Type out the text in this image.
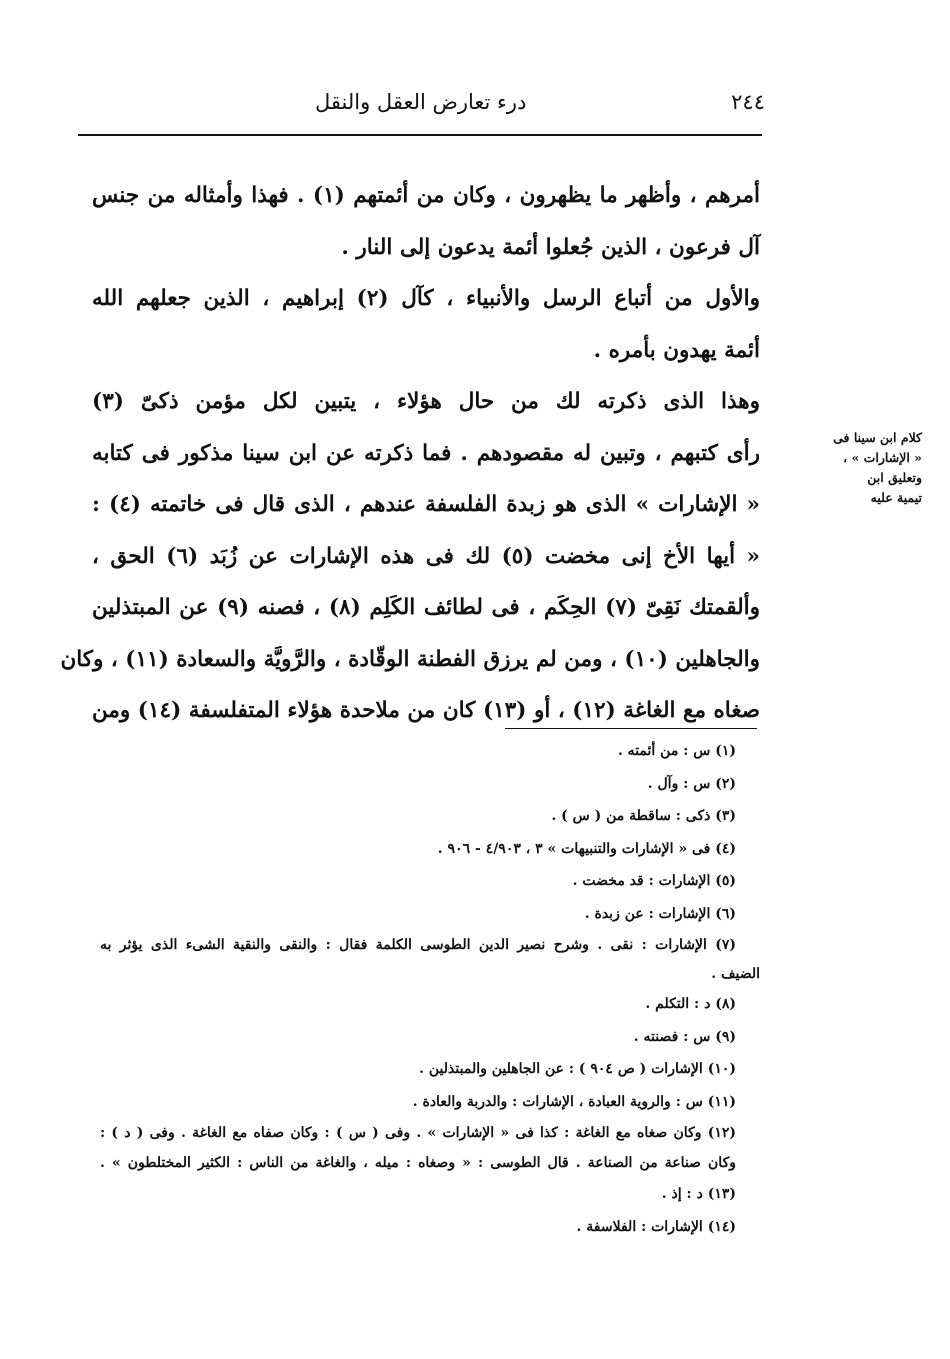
٢٤٤
درء تعارض العقل والنقل
أمرهم ، وأظهر ما يظهرون ، وكان من أئمتهم (١) . فهذا وأمثاله من جنس
آل فرعون ، الذين جُعلوا أئمة يدعون إلى النار .
والأول من أتباع الرسل والأنبياء ، كآل (٢) إبراهيم ، الذين جعلهم الله
أئمة يهدون بأمره .
وهذا الذى ذكرته لك من حال هؤلاء ، يتبين لكل مؤمن ذكىّ (٣)
رأى كتبهم ، وتبين له مقصودهم . فما ذكرته عن ابن سينا مذكور فى كتابه
« الإشارات » الذى هو زبدة الفلسفة عندهم ، الذى قال فى خاتمته (٤) :
« أيها الأخ إنى مخضت (٥) لك فى هذه الإشارات عن زُبَد (٦) الحق ،
وألقمتك نَقِىّ (٧) الحِكَم ، فى لطائف الكَلِم (٨) ، فصنه (٩) عن المبتذلين
والجاهلين (١٠) ، ومن لم يرزق الفطنة الوقّادة ، والرَّويَّة والسعادة (١١) ، وكان
صغاه مع الغاغة (١٢) ، أو (١٣) كان من ملاحدة هؤلاء المتفلسفة (١٤) ومن
كلام ابن سينا فى
« الإشارات » ، وتعليق ابن
تيمية عليه
(١) س : من أئمته .
(٢) س : وآل .
(٣) ذكى : ساقطة من ( س ) .
(٤) فى « الإشارات والتنبيهات » ٣ ، ٤/٩٠٣ - ٩٠٦ .
(٥) الإشارات : قد مخضت .
(٦) الإشارات : عن زبدة .
(٧) الإشارات : نقى . وشرح نصير الدين الطوسى الكلمة فقال : والنقى والنقية الشىء الذى يؤثر به
الضيف .
(٨) د : التكلم .
(٩) س : فصنته .
(١٠) الإشارات ( ص ٩٠٤ ) : عن الجاهلين والمبتذلين .
(١١) س : والروية العبادة ، الإشارات : والدربة والعادة .
(١٢) وكان صغاه مع الغاغة : كذا فى « الإشارات » . وفى ( س ) : وكان صفاه مع الغاغة . وفى ( د ) :
وكان صناعة من الصناعة . قال الطوسى : « وصغاه : ميله ، والغاغة من الناس : الكثير المختلطون » .
(١٣) د : إذ .
(١٤) الإشارات : الفلاسفة .
